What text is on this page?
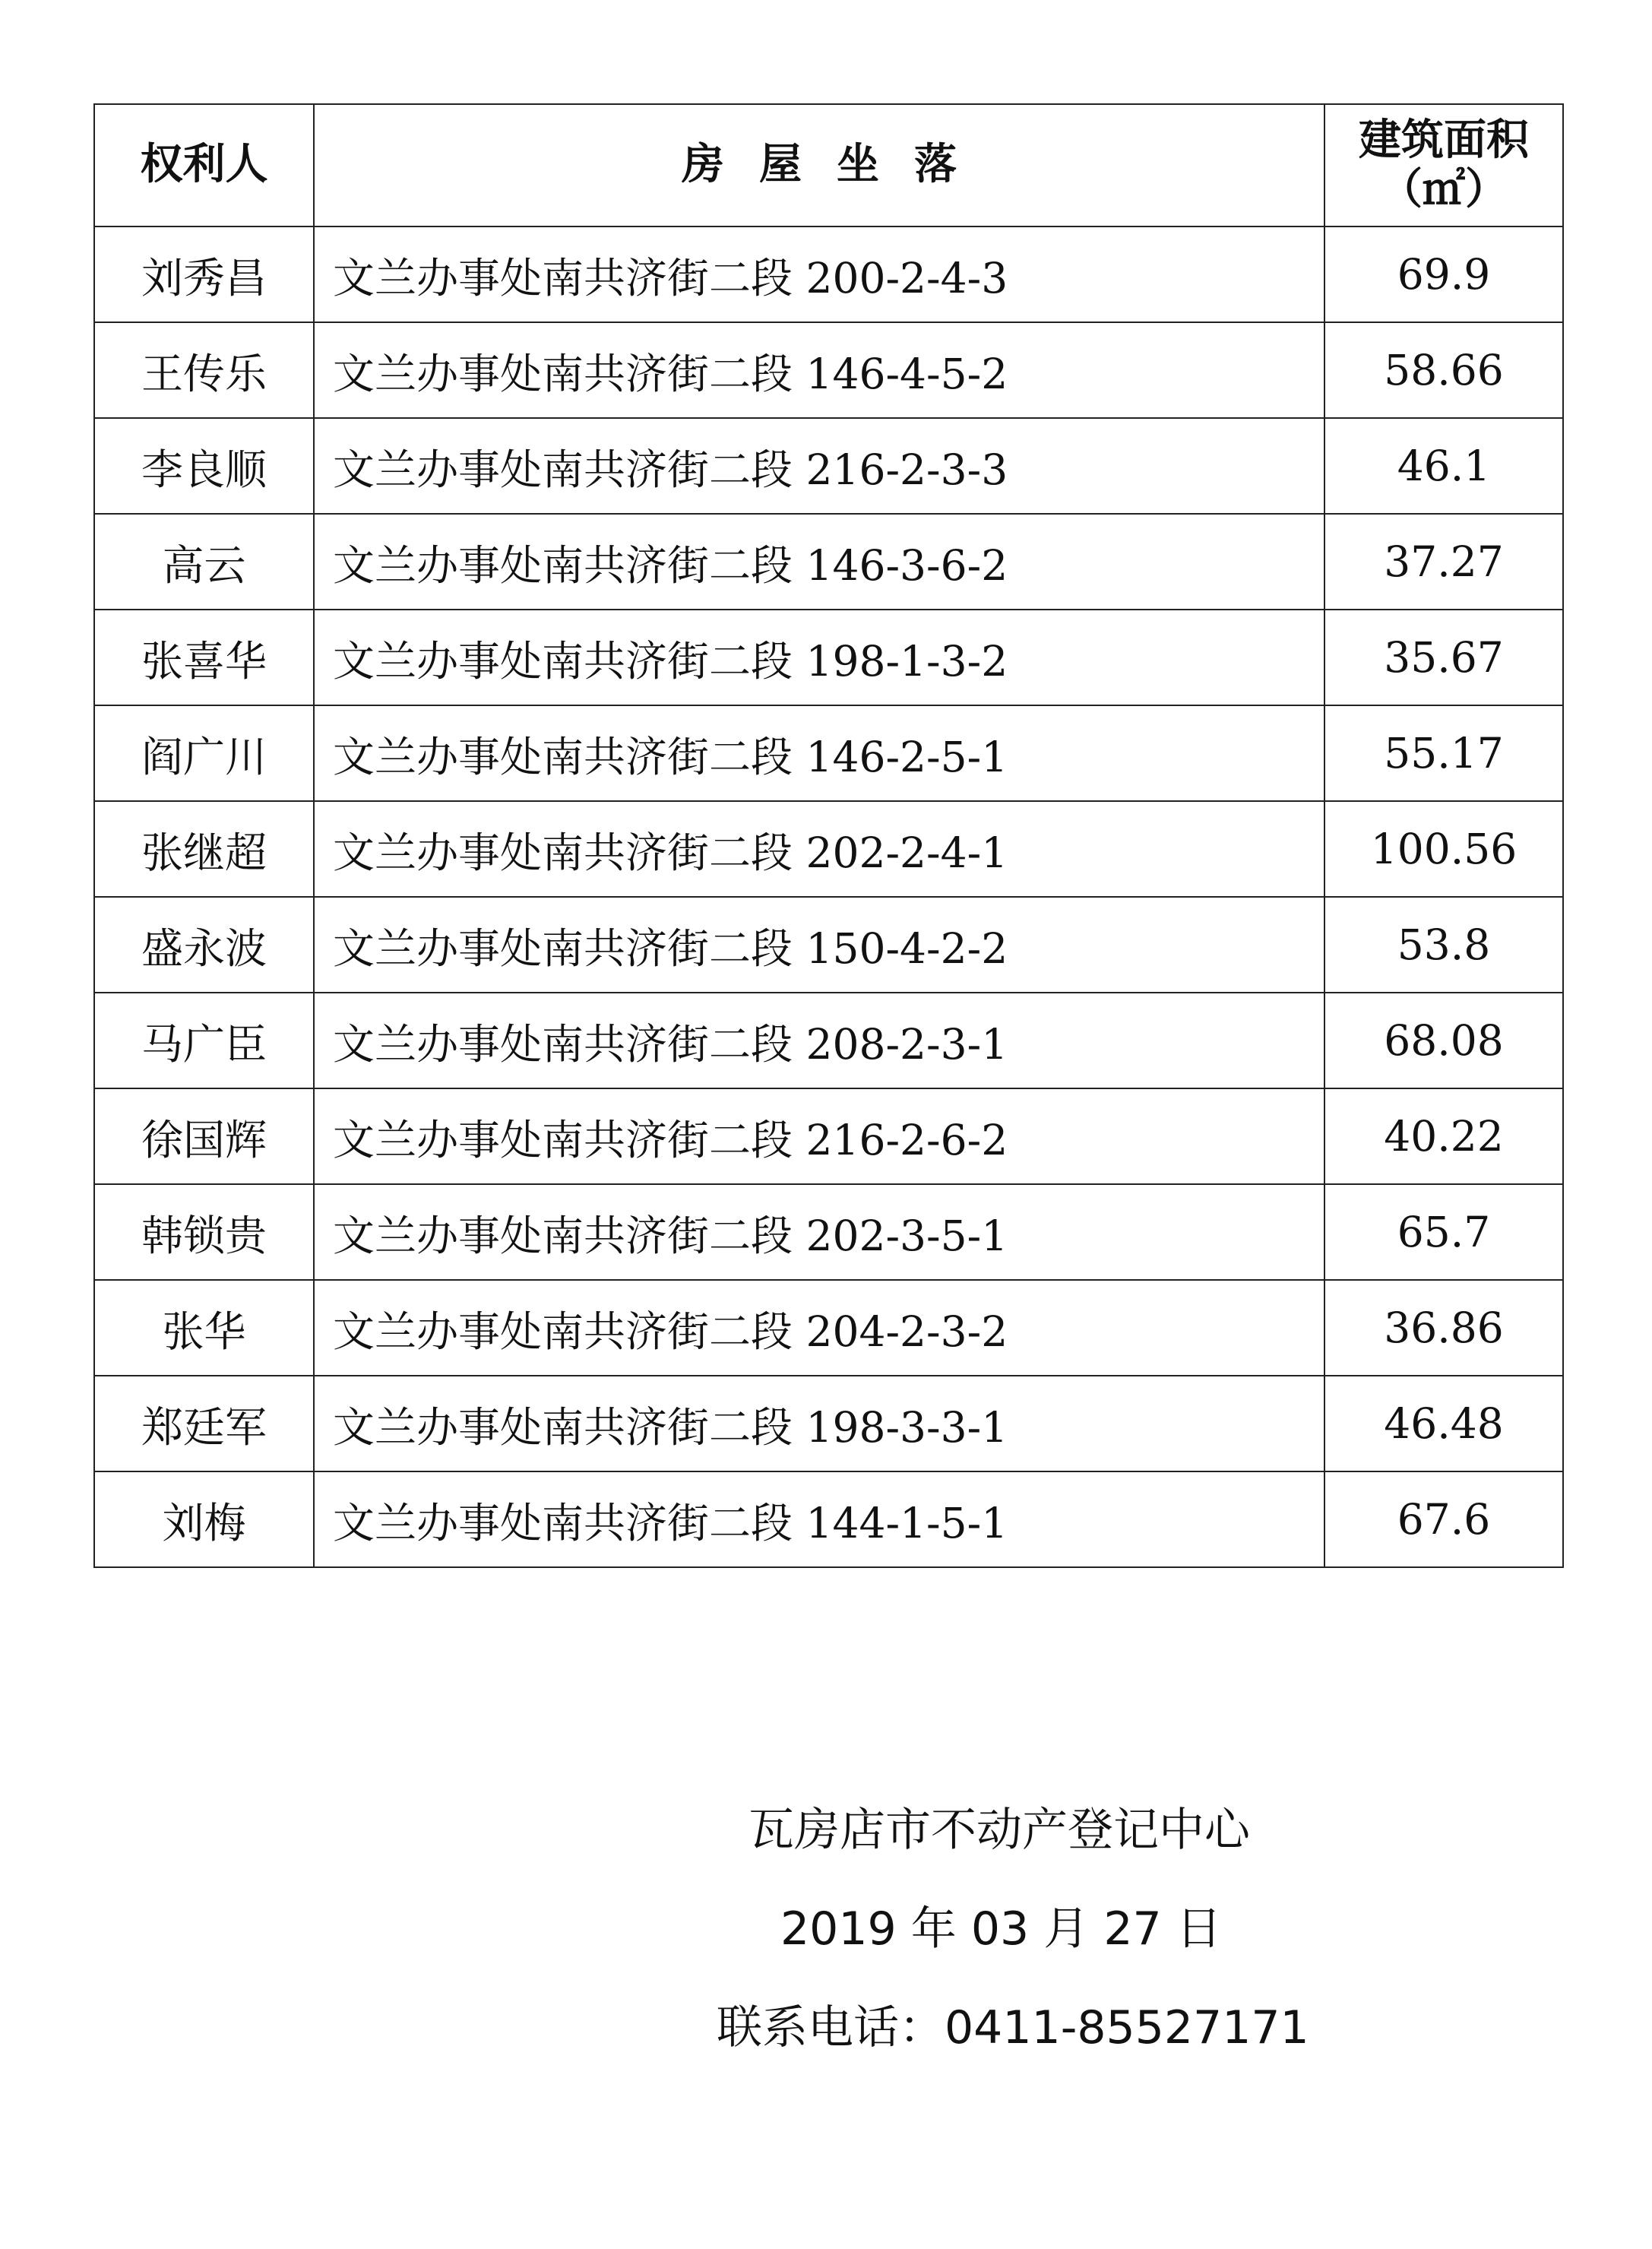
权利人	房屋坐落	建筑面积
（㎡）

刘秀昌	文兰办事处南共济街二段 200-2-4-3	69.9
王传乐	文兰办事处南共济街二段 146-4-5-2	58.66
李良顺	文兰办事处南共济街二段 216-2-3-3	46.1
高云	文兰办事处南共济街二段 146-3-6-2	37.27
张喜华	文兰办事处南共济街二段 198-1-3-2	35.67
阎广川	文兰办事处南共济街二段 146-2-5-1	55.17
张继超	文兰办事处南共济街二段 202-2-4-1	100.56
盛永波	文兰办事处南共济街二段 150-4-2-2	53.8
马广臣	文兰办事处南共济街二段 208-2-3-1	68.08
徐国辉	文兰办事处南共济街二段 216-2-6-2	40.22
韩锁贵	文兰办事处南共济街二段 202-3-5-1	65.7
张华	文兰办事处南共济街二段 204-2-3-2	36.86
郑廷军	文兰办事处南共济街二段 198-3-3-1	46.48
刘梅	文兰办事处南共济街二段 144-1-5-1	67.6
瓦房店市不动产登记中心
2019 年 03 月 27 日
联系电话：0411-85527171
